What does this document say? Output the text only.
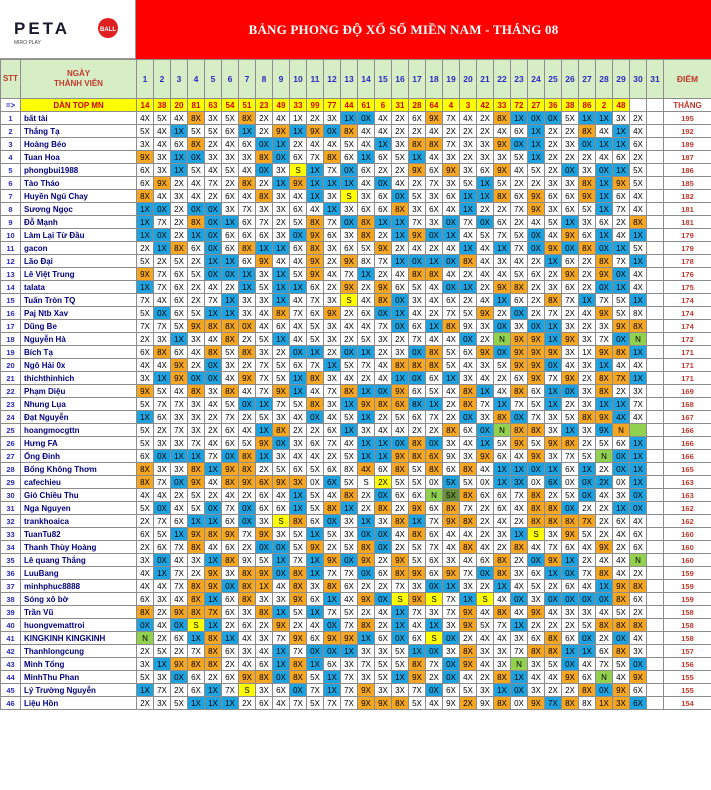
PETA	BALL
MIRO PLAY
BẢNG PHONG ĐỘ XỔ SỐ MIỀN NAM - THÁNG 08
STT	NGÀY
THÀNH VIÊN	1	2	3	4	5	6	7	8	9	10	11	12	13	14	15	16	17	18	19	20	21	22	23	24	25	26	27	28	29	30	31	ĐIỂM
=>	DÀN TOP MN	14	38	20	81	63	54	51	23	49	33	99	77	44	61	6	31	28	64	4	3	42	33	72	27	36	38	86	2	48			THẮNG
1	bất tài	4X	5X	4X	8X	3X	5X	8X	2X	4X	1X	2X	3X	1X	0X	4X	2X	6X	9X	7X	4X	2X	8X	1X	0X	0X	5X	1X	1X	3X	2X		195
2	Thắng Tạ	5X	4X	1X	5X	5X	6X	1X	2X	9X	1X	9X	0X	8X	4X	4X	2X	2X	4X	2X	2X	2X	4X	6X	1X	2X	2X	8X	4X	1X	4X		192
3	Hoàng Béo	3X	4X	6X	8X	2X	4X	6X	0X	1X	2X	4X	4X	5X	4X	1X	3X	8X	8X	7X	3X	3X	9X	0X	1X	2X	3X	0X	1X	1X	6X		189
4	Tuan Hoa	9X	3X	1X	0X	3X	3X	3X	8X	0X	6X	7X	8X	6X	1X	6X	5X	1X	4X	3X	2X	3X	3X	5X	1X	2X	2X	2X	4X	6X	2X		187
5	phongbui1988	6X	3X	1X	5X	4X	5X	4X	0X	3X	S	1X	7X	0X	6X	2X	2X	9X	6X	9X	3X	6X	9X	4X	5X	2X	0X	3X	0X	1X	5X		186
6	Tào Tháo	6X	9X	2X	4X	7X	2X	8X	2X	1X	9X	1X	1X	1X	4X	0X	4X	2X	7X	3X	5X	1X	5X	2X	2X	3X	3X	8X	1X	9X	5X		185
7	Huyền Ngủ Chay	8X	4X	3X	4X	2X	6X	4X	8X	3X	4X	1X	3X	S	3X	6X	0X	5X	3X	6X	1X	1X	8X	6X	9X	6X	6X	9X	1X	6X	4X		182
8	Sương Ngọc	1X	0X	2X	0X	0X	3X	7X	3X	3X	6X	4X	1X	3X	6X	6X	8X	3X	6X	4X	1X	2X	2X	7X	9X	3X	6X	5X	1X	7X	4X		181
9	Đỗ Mạnh	1X	7X	2X	8X	0X	1X	6X	7X	2X	5X	8X	7X	0X	8X	1X	1X	7X	3X	0X	7X	0X	6X	2X	4X	5X	1X	3X	6X	2X	8X		181
10	Làm Lại Từ Đầu	1X	0X	2X	1X	0X	6X	6X	6X	3X	0X	9X	6X	3X	8X	2X	1X	9X	0X	1X	4X	5X	7X	5X	0X	4X	9X	6X	1X	4X	1X		179
11	gacon	2X	1X	8X	6X	0X	6X	8X	1X	1X	6X	8X	3X	6X	5X	9X	2X	4X	2X	4X	1X	4X	1X	7X	0X	9X	0X	8X	0X	1X	5X		179
12	Lão Đại	5X	2X	5X	2X	1X	1X	6X	9X	4X	4X	9X	2X	9X	8X	7X	1X	0X	1X	0X	8X	4X	3X	4X	2X	1X	6X	2X	8X	7X	1X		178
13	Lê Việt Trung	9X	7X	6X	5X	0X	0X	1X	3X	1X	5X	9X	4X	7X	1X	2X	4X	8X	8X	4X	2X	4X	4X	5X	6X	2X	9X	2X	9X	0X	4X		176
14	talata	1X	7X	6X	2X	4X	2X	1X	5X	1X	1X	6X	2X	9X	2X	9X	6X	5X	4X	0X	1X	2X	9X	8X	2X	3X	6X	2X	0X	1X	4X		175
15	Tuấn Tròn TQ	7X	4X	6X	2X	7X	1X	3X	3X	1X	4X	7X	3X	S	4X	8X	0X	3X	4X	6X	2X	4X	1X	6X	2X	8X	7X	1X	7X	5X	1X		174
16	Paj Ntb Xav	5X	0X	6X	5X	1X	1X	3X	4X	8X	7X	6X	9X	2X	6X	0X	1X	4X	2X	7X	5X	9X	2X	0X	2X	7X	2X	4X	9X	5X	8X		174
17	Dũng Be	7X	7X	5X	9X	8X	8X	0X	4X	6X	4X	5X	3X	4X	4X	7X	0X	6X	1X	8X	9X	3X	0X	3X	0X	1X	3X	2X	3X	9X	8X		174
18	Nguyễn Hà	2X	3X	1X	3X	4X	8X	2X	5X	1X	4X	5X	3X	2X	5X	3X	2X	7X	4X	4X	0X	2X	N	9X	9X	1X	9X	3X	7X	0X	N		172
19	Bích Tạ	6X	8X	6X	4X	8X	5X	8X	3X	2X	0X	1X	2X	0X	1X	2X	3X	0X	8X	5X	6X	9X	0X	9X	9X	9X	3X	1X	9X	8X	1X		171
20	Ngô Hải 0x	4X	4X	9X	2X	0X	3X	2X	7X	5X	6X	7X	1X	5X	7X	4X	8X	8X	8X	5X	4X	3X	5X	9X	9X	0X	4X	3X	1X	4X	4X		171
21	thichthinhich	3X	1X	9X	0X	0X	4X	9X	7X	5X	1X	8X	3X	4X	2X	4X	1X	0X	6X	1X	3X	4X	2X	6X	9X	7X	9X	2X	8X	7X	1X		171
22	Phạm Diệu	9X	5X	4X	8X	3X	8X	4X	7X	9X	1X	4X	7X	8X	1X	0X	9X	6X	5X	4X	8X	1X	4X	8X	6X	1X	0X	3X	8X	2X	3X		169
23	Nhung Lụa	5X	7X	7X	3X	4X	5X	0X	1X	7X	5X	8X	3X	1X	9X	8X	6X	8X	1X	2X	8X	7X	1X	7X	5X	1X	2X	3X	1X	1X	7X		168
24	Đạt Nguyễn	1X	6X	3X	3X	2X	7X	2X	5X	3X	4X	0X	4X	5X	1X	2X	5X	6X	7X	2X	0X	3X	8X	0X	7X	3X	5X	8X	9X	4X	4X		167
25	hoangmocgttn	5X	2X	7X	3X	2X	6X	4X	1X	8X	2X	2X	6X	1X	3X	4X	4X	2X	2X	8X	6X	0X	N	8X	8X	3X	1X	3X	9X	N			166
26	Hưng FA	5X	3X	3X	7X	4X	6X	5X	9X	0X	3X	6X	7X	4X	1X	1X	0X	8X	0X	3X	4X	1X	5X	9X	5X	9X	8X	2X	5X	6X	1X		166
27	Ổng Đinh	6X	0X	1X	1X	7X	0X	8X	1X	3X	4X	4X	2X	5X	1X	1X	9X	8X	6X	9X	3X	9X	6X	4X	9X	3X	7X	5X	N	0X	1X		166
28	Bổng Không Thơm	8X	3X	3X	8X	1X	9X	8X	2X	5X	6X	5X	6X	8X	4X	6X	8X	5X	8X	6X	8X	4X	1X	1X	0X	1X	6X	1X	2X	0X	1X		165
29	cafechieu	8X	7X	0X	9X	4X	8X	9X	6X	9X	3X	0X	6X	5X	S	2X	5X	5X	0X	5X	5X	0X	1X	3X	0X	6X	0X	0X	2X	0X	1X		163
30	Gió Chiều Thu	4X	4X	2X	5X	2X	4X	2X	6X	4X	1X	5X	4X	8X	2X	0X	6X	6X	N	5X	8X	6X	6X	7X	8X	2X	5X	0X	4X	3X	0X		163
31	Nga Nguyen	5X	0X	4X	5X	0X	7X	0X	6X	6X	1X	5X	8X	1X	2X	8X	2X	9X	6X	8X	7X	2X	6X	4X	8X	8X	0X	2X	2X	1X	0X		162
32	trankhoaica	2X	7X	6X	1X	1X	6X	0X	3X	S	8X	6X	0X	3X	1X	3X	8X	1X	7X	9X	8X	2X	4X	2X	8X	8X	8X	7X	2X	6X	4X		162
33	TuanTu82	6X	5X	1X	9X	8X	9X	7X	9X	3X	5X	1X	5X	3X	0X	0X	4X	8X	6X	4X	4X	2X	3X	1X	S	3X	9X	5X	2X	4X	6X		160
34	Thanh Thùy Hoàng	2X	6X	7X	8X	4X	6X	2X	0X	0X	5X	9X	2X	5X	8X	0X	2X	5X	7X	4X	8X	4X	2X	8X	4X	7X	6X	4X	9X	2X	6X		160
35	Lê quang Thắng	3X	0X	4X	3X	1X	8X	9X	5X	1X	7X	1X	9X	0X	9X	2X	9X	5X	6X	3X	4X	6X	8X	2X	0X	9X	1X	2X	4X	4X	N		160
36	LuuBang	4X	1X	7X	2X	9X	3X	8X	9X	0X	8X	1X	7X	7X	0X	6X	8X	9X	6X	9X	7X	0X	8X	3X	6X	1X	0X	7X	8X	4X	2X		159
37	minhphuc8888	4X	4X	7X	8X	9X	0X	8X	1X	4X	8X	3X	8X	6X	2X	2X	7X	3X	0X	1X	3X	2X	1X	4X	5X	2X	6X	4X	1X	9X	8X		159
38	Sóng xô bờ	6X	3X	4X	8X	1X	6X	8X	3X	3X	9X	6X	1X	4X	9X	0X	S	9X	S	7X	1X	S	4X	0X	3X	0X	0X	0X	0X	8X	6X		159
39	Trần Vũ	8X	2X	9X	8X	7X	6X	3X	8X	1X	5X	1X	7X	5X	2X	4X	1X	7X	3X	7X	9X	4X	8X	4X	9X	4X	3X	3X	4X	5X	2X		158
40	huongvemattroi	0X	4X	0X	S	1X	2X	6X	2X	9X	2X	4X	0X	7X	8X	2X	1X	4X	1X	3X	9X	5X	7X	1X	2X	2X	2X	5X	8X	8X	8X		158
41	KINGKINH KINGKINH	N	2X	6X	1X	8X	1X	4X	3X	7X	9X	6X	9X	9X	1X	6X	0X	6X	S	0X	2X	4X	4X	3X	6X	8X	6X	0X	2X	0X	4X		158
42	Thanhlongcung	2X	5X	2X	7X	8X	6X	3X	4X	1X	7X	0X	0X	1X	3X	3X	5X	1X	0X	3X	8X	3X	3X	7X	8X	8X	1X	1X	6X	8X	3X		157
43	Minh Tổng	3X	1X	9X	8X	8X	2X	4X	6X	1X	8X	1X	6X	3X	7X	5X	5X	8X	7X	0X	9X	4X	3X	N	3X	5X	0X	4X	7X	5X	0X		156
44	MinhThu Phan	5X	3X	0X	6X	2X	6X	9X	8X	0X	8X	5X	1X	7X	3X	5X	1X	9X	2X	0X	4X	2X	8X	1X	4X	4X	9X	6X	N	4X	9X		155
45	Lý Trường Nguyễn	1X	7X	2X	6X	1X	7X	S	3X	6X	0X	7X	1X	7X	9X	3X	3X	7X	0X	6X	5X	3X	1X	0X	3X	2X	2X	8X	0X	9X	6X		155
46	Liệu Hồn	2X	3X	5X	1X	1X	1X	2X	6X	4X	7X	5X	7X	7X	9X	9X	8X	5X	4X	9X	2X	9X	8X	0X	9X	7X	8X	8X	1X	3X	6X		154
